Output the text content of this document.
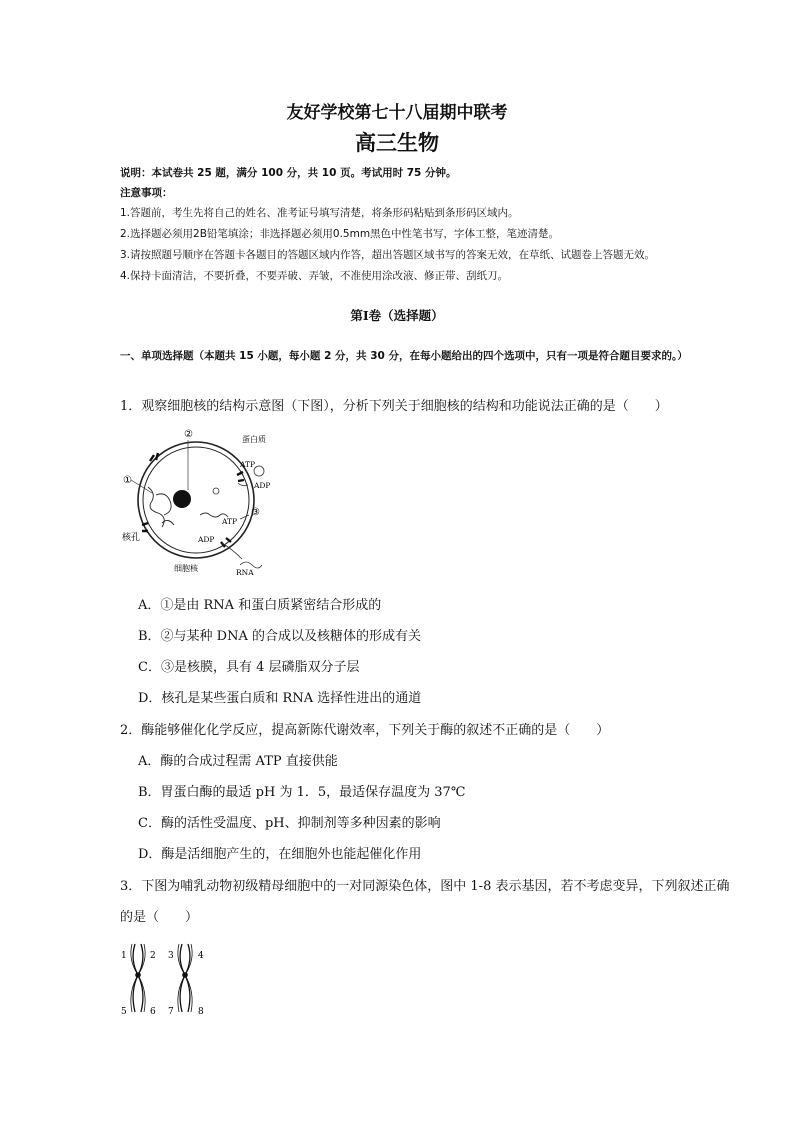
友好学校第七十八届期中联考
高三生物
说明：本试卷共 25 题，满分 100 分，共 10 页。考试用时 75 分钟。
注意事项：
1.答题前，考生先将自己的姓名、准考证号填写清楚，将条形码粘贴到条形码区域内。
2.选择题必须用2B铅笔填涂；非选择题必须用0.5mm黑色中性笔书写，字体工整，笔迹清楚。
3.请按照题号顺序在答题卡各题目的答题区域内作答，超出答题区域书写的答案无效，在草纸、试题卷上答题无效。
4.保持卡面清洁，不要折叠，不要弄破、弄皱，不准使用涂改液、修正带、刮纸刀。
第Ⅰ卷（选择题）
一、单项选择题（本题共 15 小题，每小题 2 分，共 30 分，在每小题给出的四个选项中，只有一项是符合题目要求的。）
1．观察细胞核的结构示意图（下图），分析下列关于细胞核的结构和功能说法正确的是（　　）
①
②
③
蛋白质
ATP
ADP
ATP
ADP
核孔
细胞核	RNA
A．①是由 RNA 和蛋白质紧密结合形成的
B．②与某种 DNA 的合成以及核糖体的形成有关
C．③是核膜，具有 4 层磷脂双分子层
D．核孔是某些蛋白质和 RNA 选择性进出的通道
2．酶能够催化化学反应，提高新陈代谢效率，下列关于酶的叙述不正确的是（　　）
A．酶的合成过程需 ATP 直接供能
B．胃蛋白酶的最适 pH 为 1．5，最适保存温度为 37℃
C．酶的活性受温度、pH、抑制剂等多种因素的影响
D．酶是活细胞产生的，在细胞外也能起催化作用
3．下图为哺乳动物初级精母细胞中的一对同源染色体，图中 1-8 表示基因，若不考虑变异，下列叙述正确
的是（　　）
1	2 3	4
5	6 7	8
